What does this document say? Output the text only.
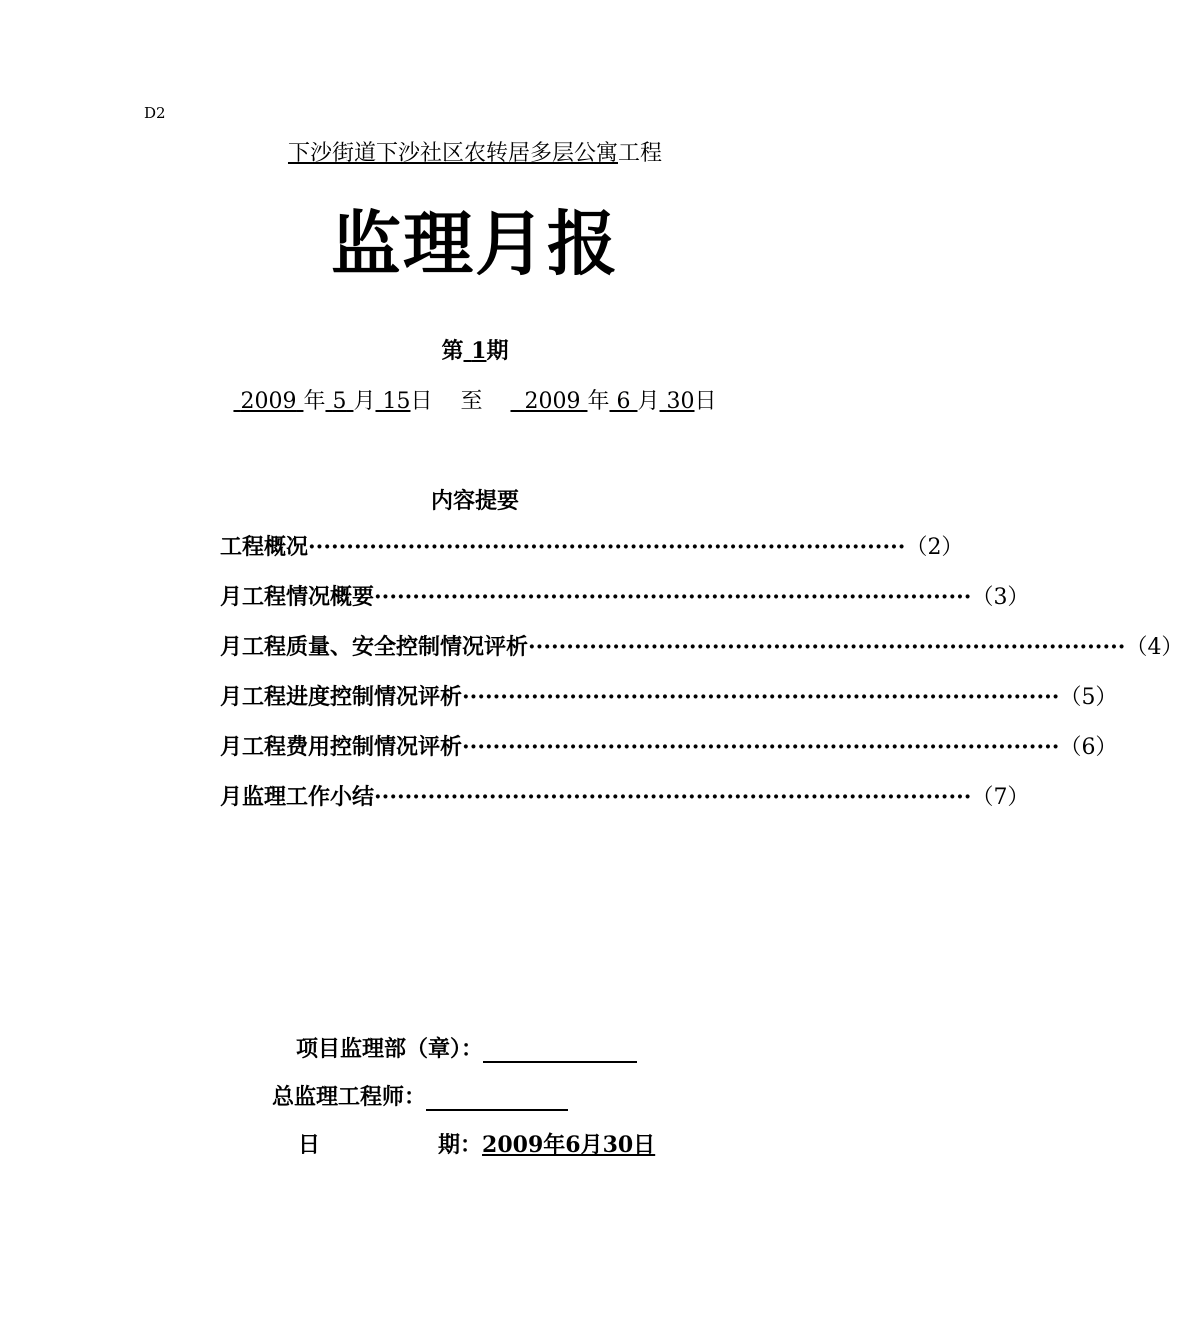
D2
下沙街道下沙社区农转居多层公寓工程
监理月报
第 1期
2009 年 5 月 15日 至 2009 年 6 月 30日
内容提要
工程概况 ·············································································· （2）
月工程情况概要 ·············································································· （3）
月工程质量、安全控制情况评析 ·············································································· （4）
月工程进度控制情况评析 ·············································································· （5）
月工程费用控制情况评析 ·············································································· （6）
月监理工作小结 ·············································································· （7）
项目监理部（章）：
总监理工程师：
日	期：2009年6月30日
